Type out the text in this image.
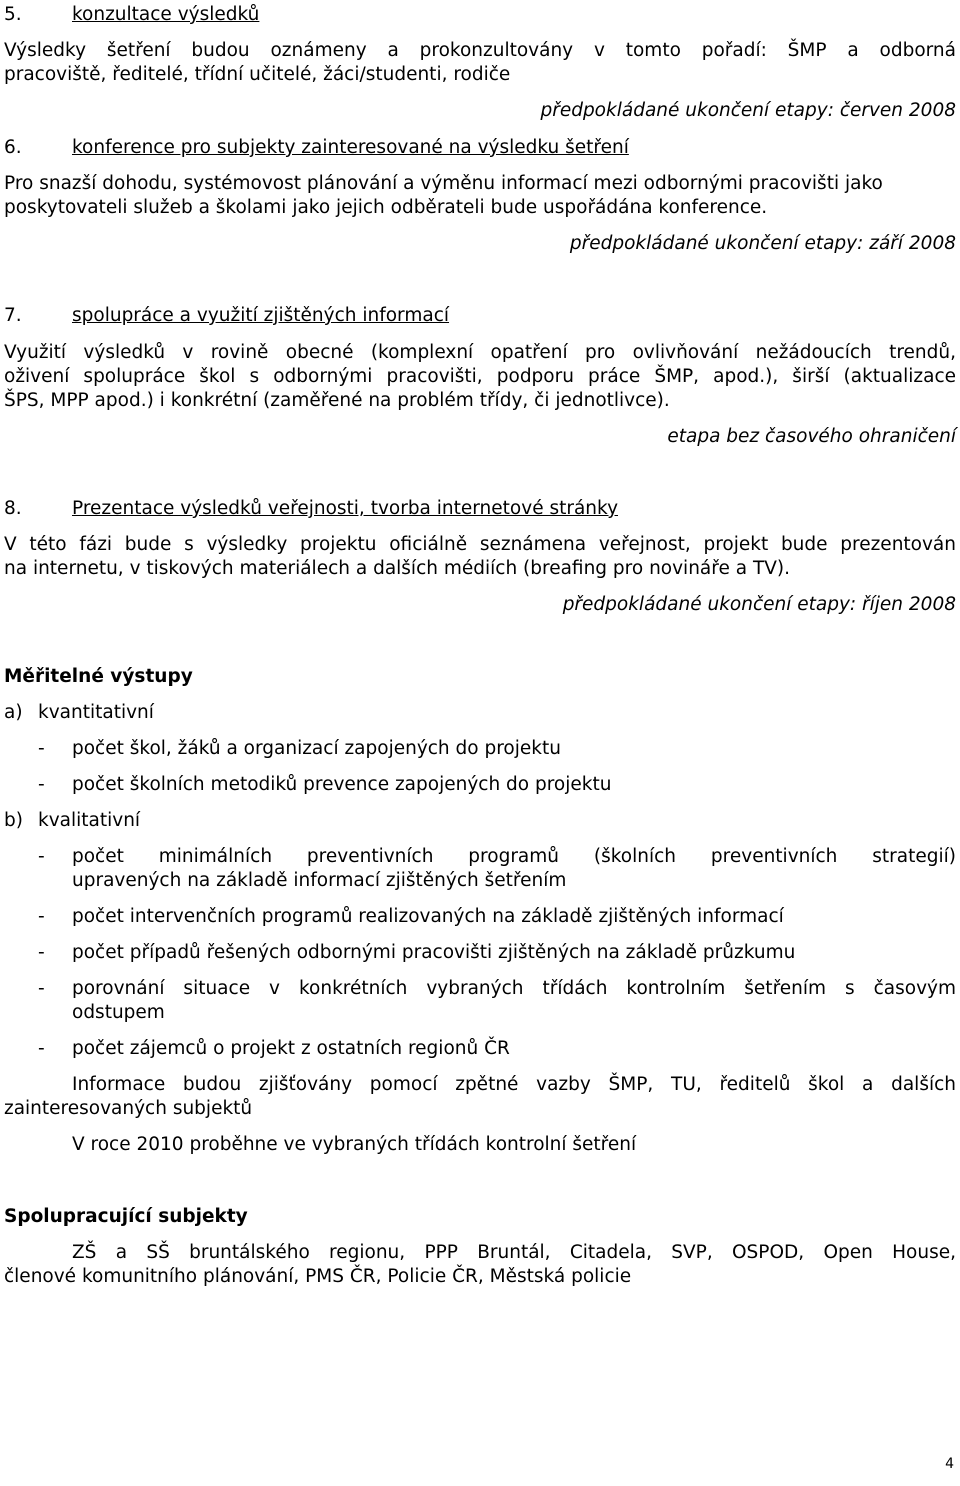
5.	konzultace výsledků
Výsledky šetření budou oznámeny a prokonzultovány v tomto pořadí: ŠMP a odborná
pracoviště, ředitelé, třídní učitelé, žáci/studenti, rodiče
předpokládané ukončení etapy: červen 2008
6.	konference pro subjekty zainteresované na výsledku šetření
Pro snazší dohodu, systémovost plánování a výměnu informací mezi odbornými pracovišti jako
poskytovateli služeb a školami jako jejich odběrateli bude uspořádána konference.
předpokládané ukončení etapy: září 2008
7.	spolupráce a využití zjištěných informací
Využití výsledků v rovině obecné (komplexní opatření pro ovlivňování nežádoucích trendů,
oživení spolupráce škol s odbornými pracovišti, podporu práce ŠMP, apod.), širší (aktualizace
ŠPS, MPP apod.) i konkrétní (zaměřené na problém třídy, či jednotlivce).
etapa bez časového ohraničení
8.	Prezentace výsledků veřejnosti, tvorba internetové stránky
V této fázi bude s výsledky projektu oficiálně seznámena veřejnost, projekt bude prezentován
na internetu, v tiskových materiálech a dalších médiích (breafing pro novináře a TV).
předpokládané ukončení etapy: říjen 2008
Měřitelné výstupy
a) kvantitativní
- počet škol, žáků a organizací zapojených do projektu
- počet školních metodiků prevence zapojených do projektu
b) kvalitativní
- počet minimálních preventivních programů (školních preventivních strategií)
upravených na základě informací zjištěných šetřením
- počet intervenčních programů realizovaných na základě zjištěných informací
- počet případů řešených odbornými pracovišti zjištěných na základě průzkumu
- porovnání situace v konkrétních vybraných třídách kontrolním šetřením s časovým
odstupem
- počet zájemců o projekt z ostatních regionů ČR
Informace budou zjišťovány pomocí zpětné vazby ŠMP, TU, ředitelů škol a dalších
zainteresovaných subjektů
V roce 2010 proběhne ve vybraných třídách kontrolní šetření
Spolupracující subjekty
ZŠ a SŠ bruntálského regionu, PPP Bruntál, Citadela, SVP, OSPOD, Open House,
členové komunitního plánování, PMS ČR, Policie ČR, Městská policie
4
